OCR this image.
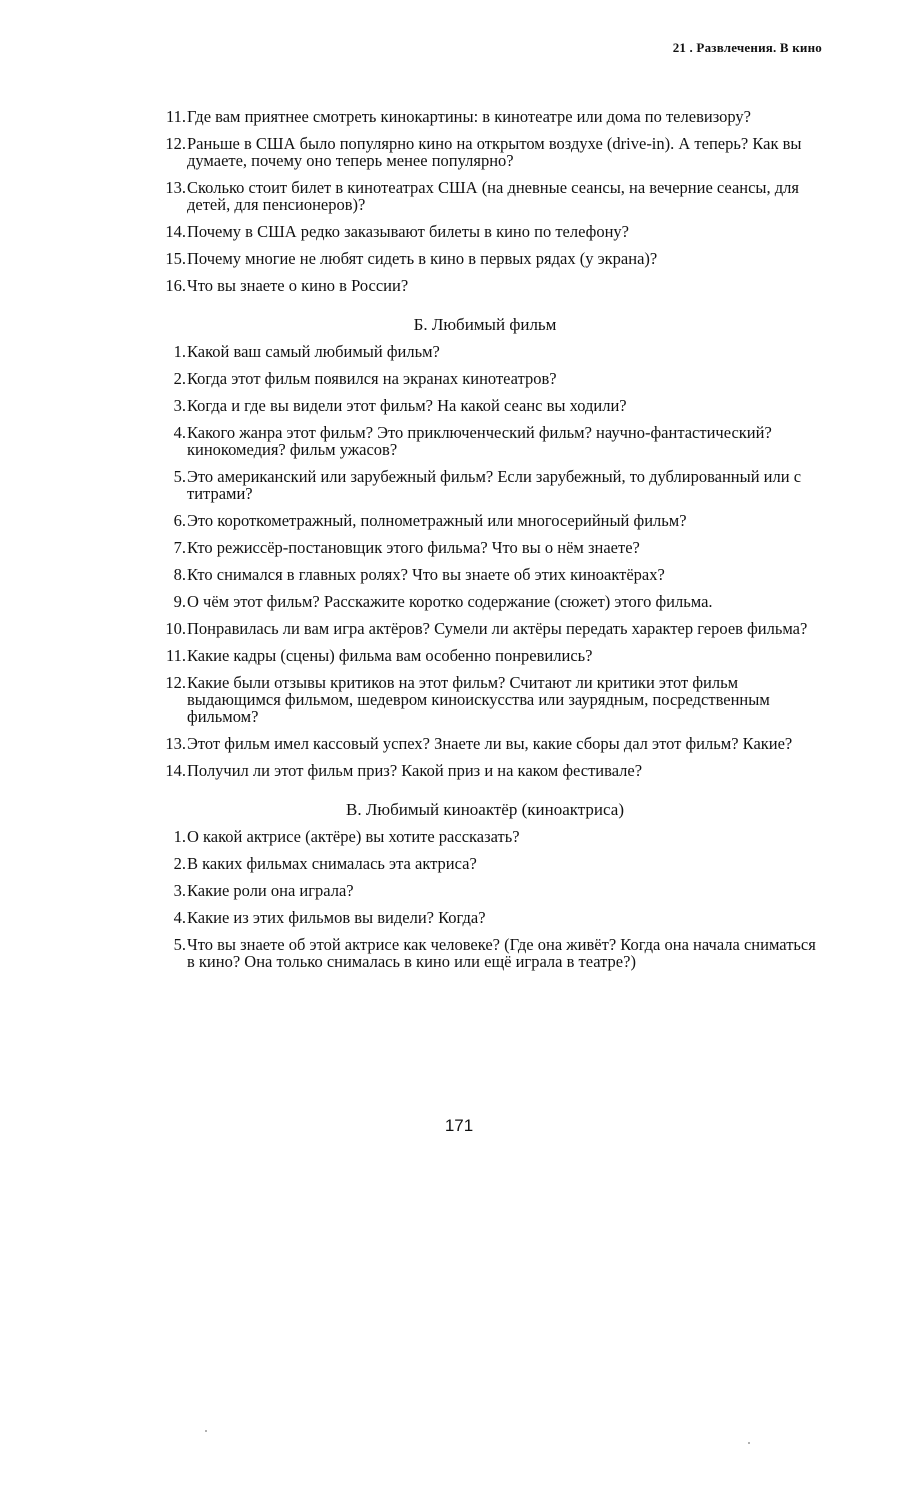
21 . Развлечения. В кино
11. Где вам приятнее смотреть кинокартины: в кинотеатре или дома по телевизору?
12. Раньше в США было популярно кино на открытом воздухе (drive-in). А теперь? Как вы думаете, почему оно теперь менее популярно?
13. Сколько стоит билет в кинотеатрах США (на дневные сеансы, на вечерние сеансы, для детей, для пенсионеров)?
14. Почему в США редко заказывают билеты в кино по телефону?
15. Почему многие не любят сидеть в кино в первых рядах (у экрана)?
16. Что вы знаете о кино в России?
Б. Любимый фильм
1. Какой ваш самый любимый фильм?
2. Когда этот фильм появился на экранах кинотеатров?
3. Когда и где вы видели этот фильм? На какой сеанс вы ходили?
4. Какого жанра этот фильм? Это приключенческий фильм? научно-фантастический? кинокомедия? фильм ужасов?
5. Это американский или зарубежный фильм? Если зарубежный, то дублированный или с титрами?
6. Это короткометражный, полнометражный или многосерийный фильм?
7. Кто режиссёр-постановщик этого фильма? Что вы о нём знаете?
8. Кто снимался в главных ролях? Что вы знаете об этих киноактёрах?
9. О чём этот фильм? Расскажите коротко содержание (сюжет) этого фильма.
10. Понравилась ли вам игра актёров? Сумели ли актёры передать характер героев фильма?
11. Какие кадры (сцены) фильма вам особенно понревились?
12. Какие были отзывы критиков на этот фильм? Считают ли критики этот фильм выдающимся фильмом, шедевром киноискусства или заурядным, посредственным фильмом?
13. Этот фильм имел кассовый успех? Знаете ли вы, какие сборы дал этот фильм? Какие?
14. Получил ли этот фильм приз? Какой приз и на каком фестивале?
В. Любимый киноактёр (киноактриса)
1. О какой актрисе (актёре) вы хотите рассказать?
2. В каких фильмах снималась эта актриса?
3. Какие роли она играла?
4. Какие из этих фильмов вы видели? Когда?
5. Что вы знаете об этой актрисе как человеке? (Где она живёт? Когда она начала сниматься в кино? Она только снималась в кино или ещё играла в театре?)
171
